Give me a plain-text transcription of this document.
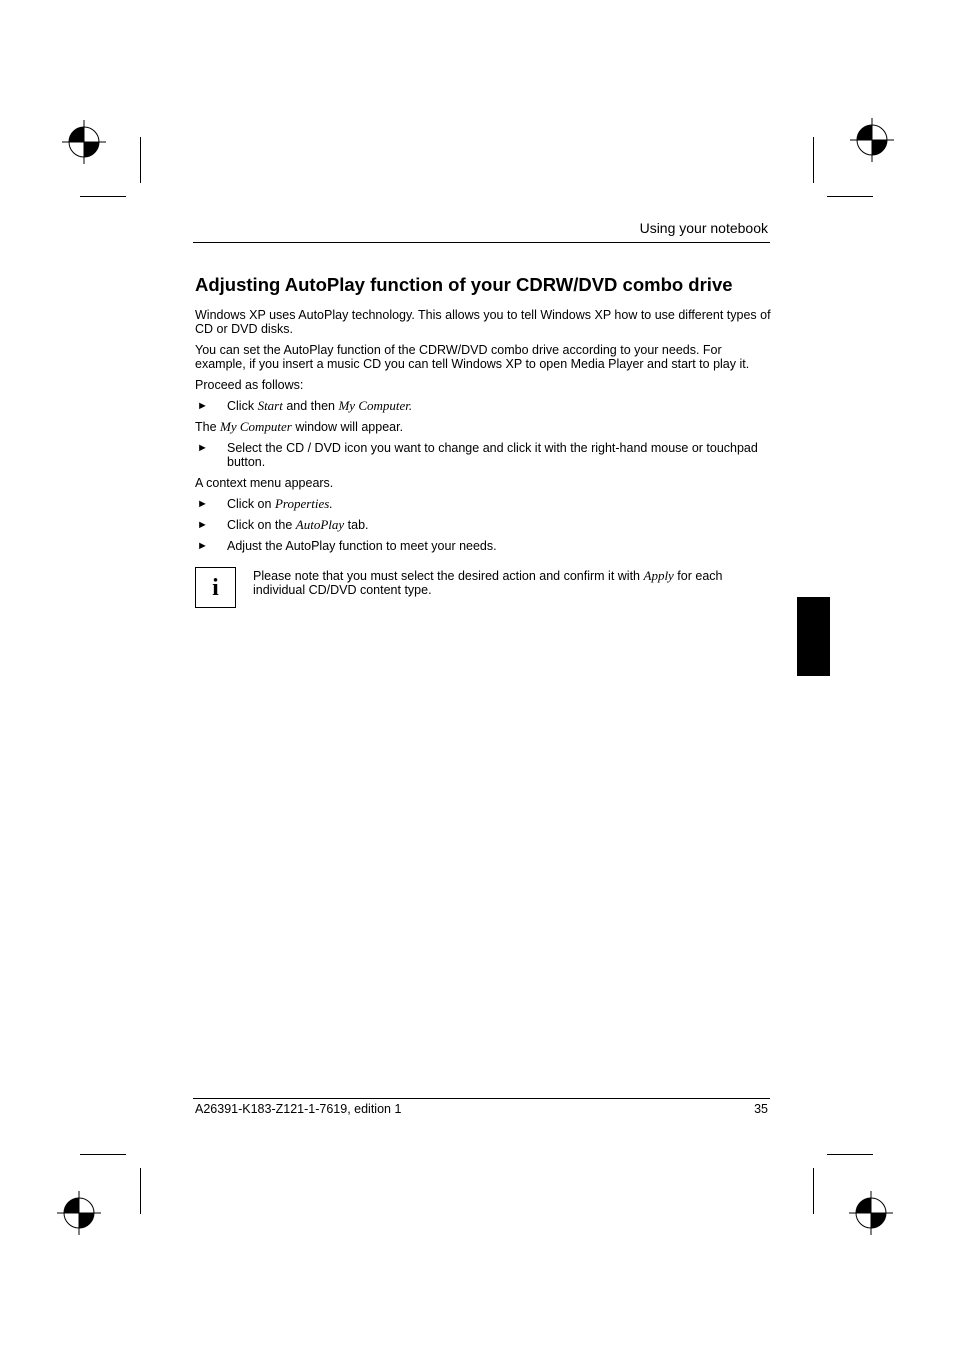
Using your notebook
Adjusting AutoPlay function of your CDRW/DVD combo drive

Windows XP uses AutoPlay technology. This allows you to tell Windows XP how to use different types of CD or DVD disks.

You can set the AutoPlay function of the CDRW/DVD combo drive according to your needs. For example, if you insert a music CD you can tell Windows XP to open Media Player and start to play it.

Proceed as follows:

► Click Start and then My Computer.

The My Computer window will appear.

► Select the CD / DVD icon you want to change and click it with the right-hand mouse or touchpad button.

A context menu appears.

► Click on Properties.
► Click on the AutoPlay tab.
► Adjust the AutoPlay function to meet your needs.
i	Please note that you must select the desired action and confirm it with Apply for each individual CD/DVD content type.
A26391-K183-Z121-1-7619, edition 1	35
